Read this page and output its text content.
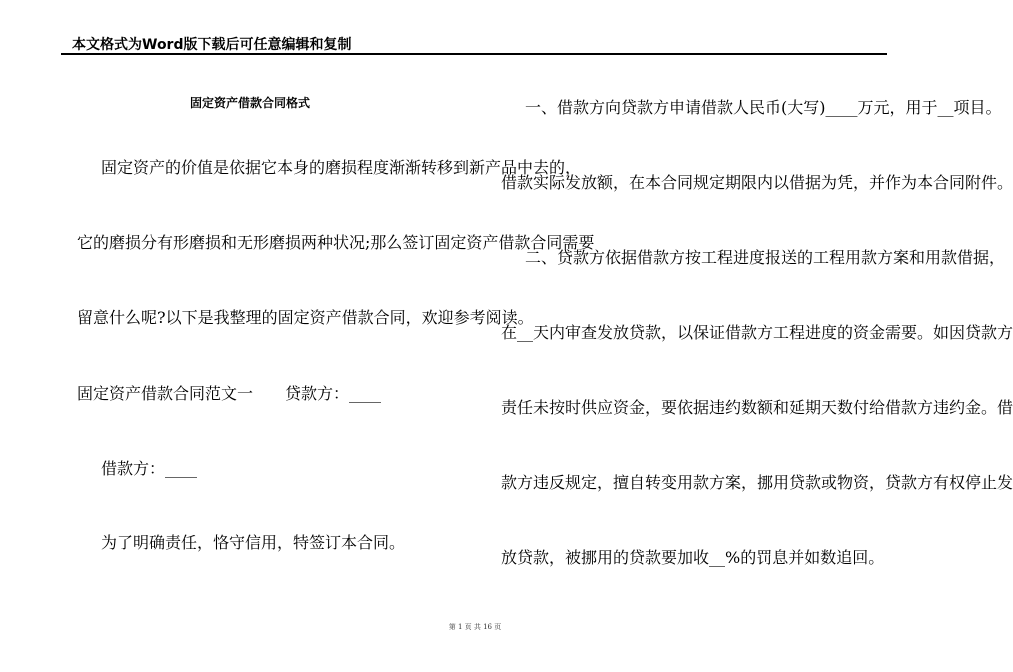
本文格式为Word版下载后可任意编辑和复制
固定资产借款合同格式
固定资产的价值是依据它本身的磨损程度渐渐转移到新产品中去的，
它的磨损分有形磨损和无形磨损两种状况;那么签订固定资产借款合同需要
留意什么呢?以下是我整理的固定资产借款合同，欢迎参考阅读。
固定资产借款合同范文一　　贷款方：____
借款方：____
为了明确责任，恪守信用，特签订本合同。
一、借款方向贷款方申请借款人民币(大写)____万元，用于__项目。
借款实际发放额，在本合同规定期限内以借据为凭，并作为本合同附件。
二、贷款方依据借款方按工程进度报送的工程用款方案和用款借据，
在__天内审查发放贷款，以保证借款方工程进度的资金需要。如因贷款方
责任未按时供应资金，要依据违约数额和延期天数付给借款方违约金。借
款方违反规定，擅自转变用款方案，挪用贷款或物资，贷款方有权停止发
放贷款，被挪用的贷款要加收__%的罚息并如数追回。
第 1 页 共 16 页
